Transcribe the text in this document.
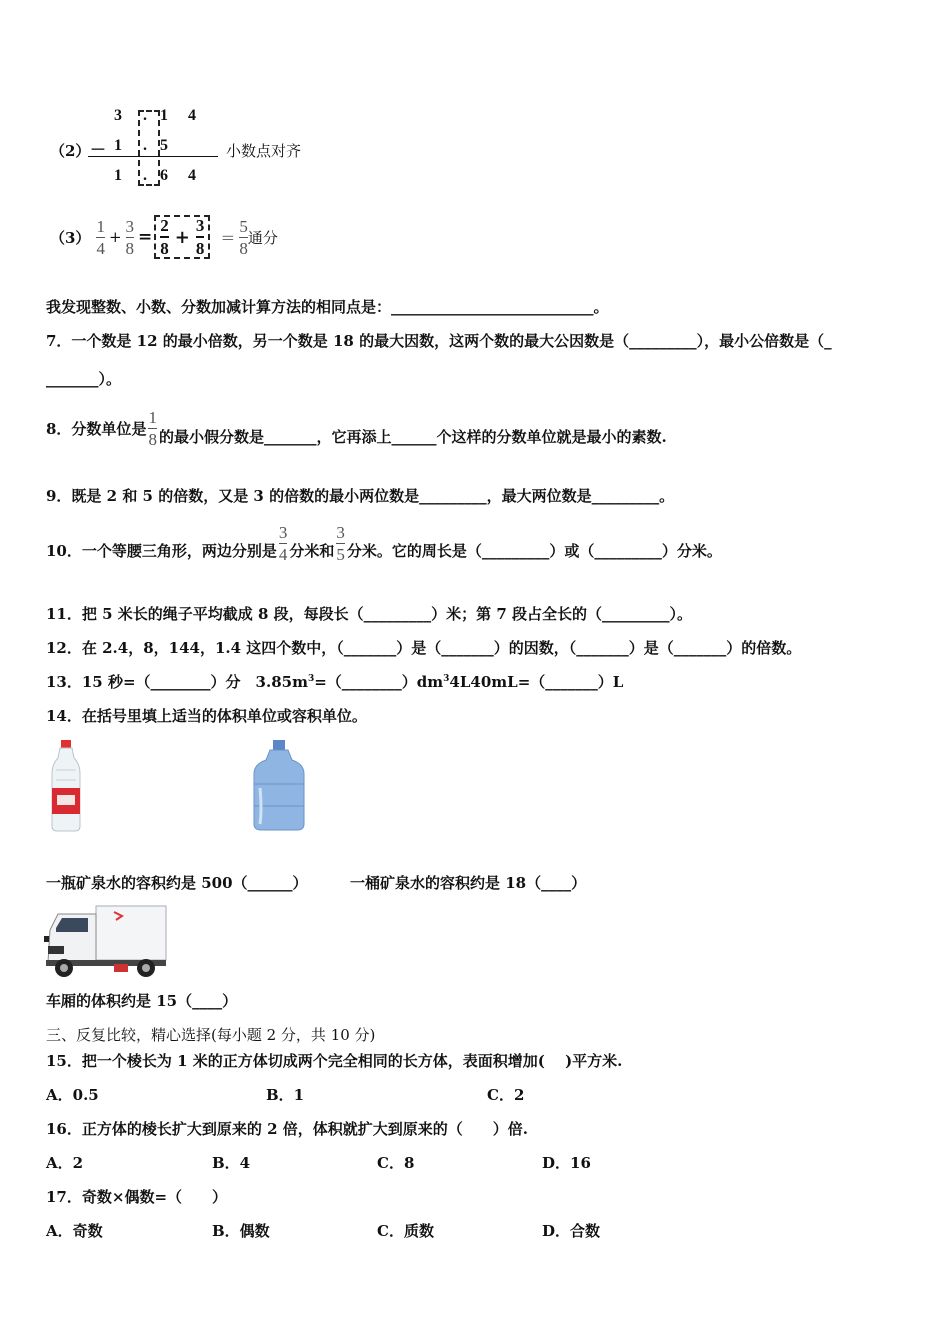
（2）
3 . 1 4
－ 1 . 5
1 . 6 4
小数点对齐
$(3) \frac{1}{4} + \frac{3}{8}$ =
2
8
+
3
8
＝ $\frac{5}{8}$ 通分
我发现整数、小数、分数加减计算方法的相同点是：___________________________。
7．一个数是 12 的最小倍数，另一个数是 18 的最大因数，这两个数的最大公因数是（_________），最小公倍数是（_
_______）。
8．分数单位是 $\frac{1}{8}$ 的最小假分数是_______，它再添上______个这样的分数单位就是最小的素数.
9．既是 2 和 5 的倍数，又是 3 的倍数的最小两位数是_________，最大两位数是_________。
10．一个等腰三角形，两边分别是 $\frac{3}{4}$ 分米和 $\frac{3}{5}$ 分米。它的周长是（_________）或（_________）分米。
11．把 5 米长的绳子平均截成 8 段，每段长（_________）米；第 7 段占全长的（_________）。
12．在 2.4，8，144，1.4 这四个数中，（_______）是（_______）的因数，（_______）是（_______）的倍数。
13．15 秒=（________）分　$3.85m^3=(\_\_\_\_\_\_\_\_)dm^34L40mL=(\_\_\_\_\_\_\_)L$
14．在括号里填上适当的体积单位或容积单位。
一瓶矿泉水的容积约是 500（______）	一桶矿泉水的容积约是 18（____）
车厢的体积约是 15（____）
三、反复比较，精心选择(每小题 2 分，共 10 分)
15．把一个棱长为 1 米的正方体切成两个完全相同的长方体，表面积增加(　 )平方米.
A．0.5	B．1	C．2
16．正方体的棱长扩大到原来的 2 倍，体积就扩大到原来的（　　）倍.
A．2	B．4	C．8	D．16
17．奇数×偶数=（　　）
A．奇数	B．偶数	C．质数	D．合数
